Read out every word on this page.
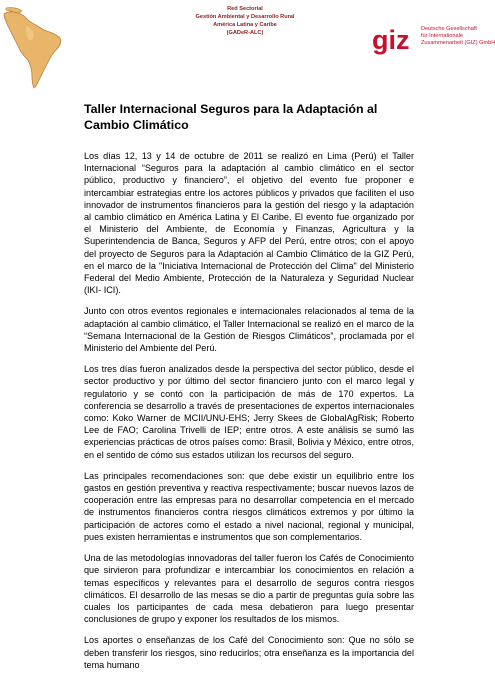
Red Sectorial
Gestión Ambiental y Desarrollo Rural
América Latina y Caribe
(GADeR-ALC)	giz Deutsche Gesellschaft
für Internationale
Zusammenarbeit (GIZ) GmbH
Taller Internacional Seguros para la Adaptación al Cambio Climático

Los días 12, 13 y 14 de octubre de 2011 se realizó en Lima (Perú) el Taller Internacional “Seguros para la adaptación al cambio climático en el sector público, productivo y financiero”, el objetivo del evento fue proponer e intercambiar estrategias entre los actores públicos y privados que faciliten el uso innovador de instrumentos financieros para la gestión del riesgo y la adaptación al cambio climático en América Latina y El Caribe. El evento fue organizado por el Ministerio del Ambiente, de Economía y Finanzas, Agricultura y la Superintendencia de Banca, Seguros y AFP del Perú, entre otros; con el apoyo del proyecto de Seguros para la Adaptación al Cambio Climático de la GIZ Perú, en el marco de la "Iniciativa Internacional de Protección del Clima" del Ministerio Federal del Medio Ambiente, Protección de la Naturaleza y Seguridad Nuclear (IKI- ICI).

Junto con otros eventos regionales e internacionales relacionados al tema de la adaptación al cambio climático, el Taller Internacional se realizó en el marco de la “Semana Internacional de la Gestión de Riesgos Climáticos”, proclamada por el Ministerio del Ambiente del Perú.

Los tres días fueron analizados desde la perspectiva del sector público, desde el sector productivo y por último del sector financiero junto con el marco legal y regulatorio y se contó con la participación de más de 170 expertos. La conferencia se desarrollo a través de presentaciones de expertos internacionales como: Koko Warner de MCII/UNU-EHS; Jerry Skees de GlobalAgRisk; Roberto Lee de FAO; Carolina Trivelli de IEP; entre otros. A este análisis se sumó las experiencias prácticas de otros países como: Brasil, Bolivia y México, entre otros, en el sentido de cómo sus estados utilizan los recursos del seguro.

Las principales recomendaciones son: que debe existir un equilibrio entre los gastos en gestión preventiva y reactiva respectivamente; buscar nuevos lazos de cooperación entre las empresas para no desarrollar competencia en el mercado de instrumentos financieros contra riesgos climáticos extremos y por último la participación de actores como el estado a nivel nacional, regional y municipal, pues existen herramientas e instrumentos que son complementarios.

Una de las metodologías innovadoras del taller fueron los Cafés de Conocimiento que sirvieron para profundizar e intercambiar los conocimientos en relación a temas específicos y relevantes para el desarrollo de seguros contra riesgos climáticos. El desarrollo de las mesas se dio a partir de preguntas guía sobre las cuales los participantes de cada mesa debatieron para luego presentar conclusiones de grupo y exponer los resultados de los mismos.

Los aportes o enseñanzas de los Café del Conocimiento son: Que no sólo se deben transferir los riesgos, sino reducirlos; otra enseñanza es la importancia del tema humano
